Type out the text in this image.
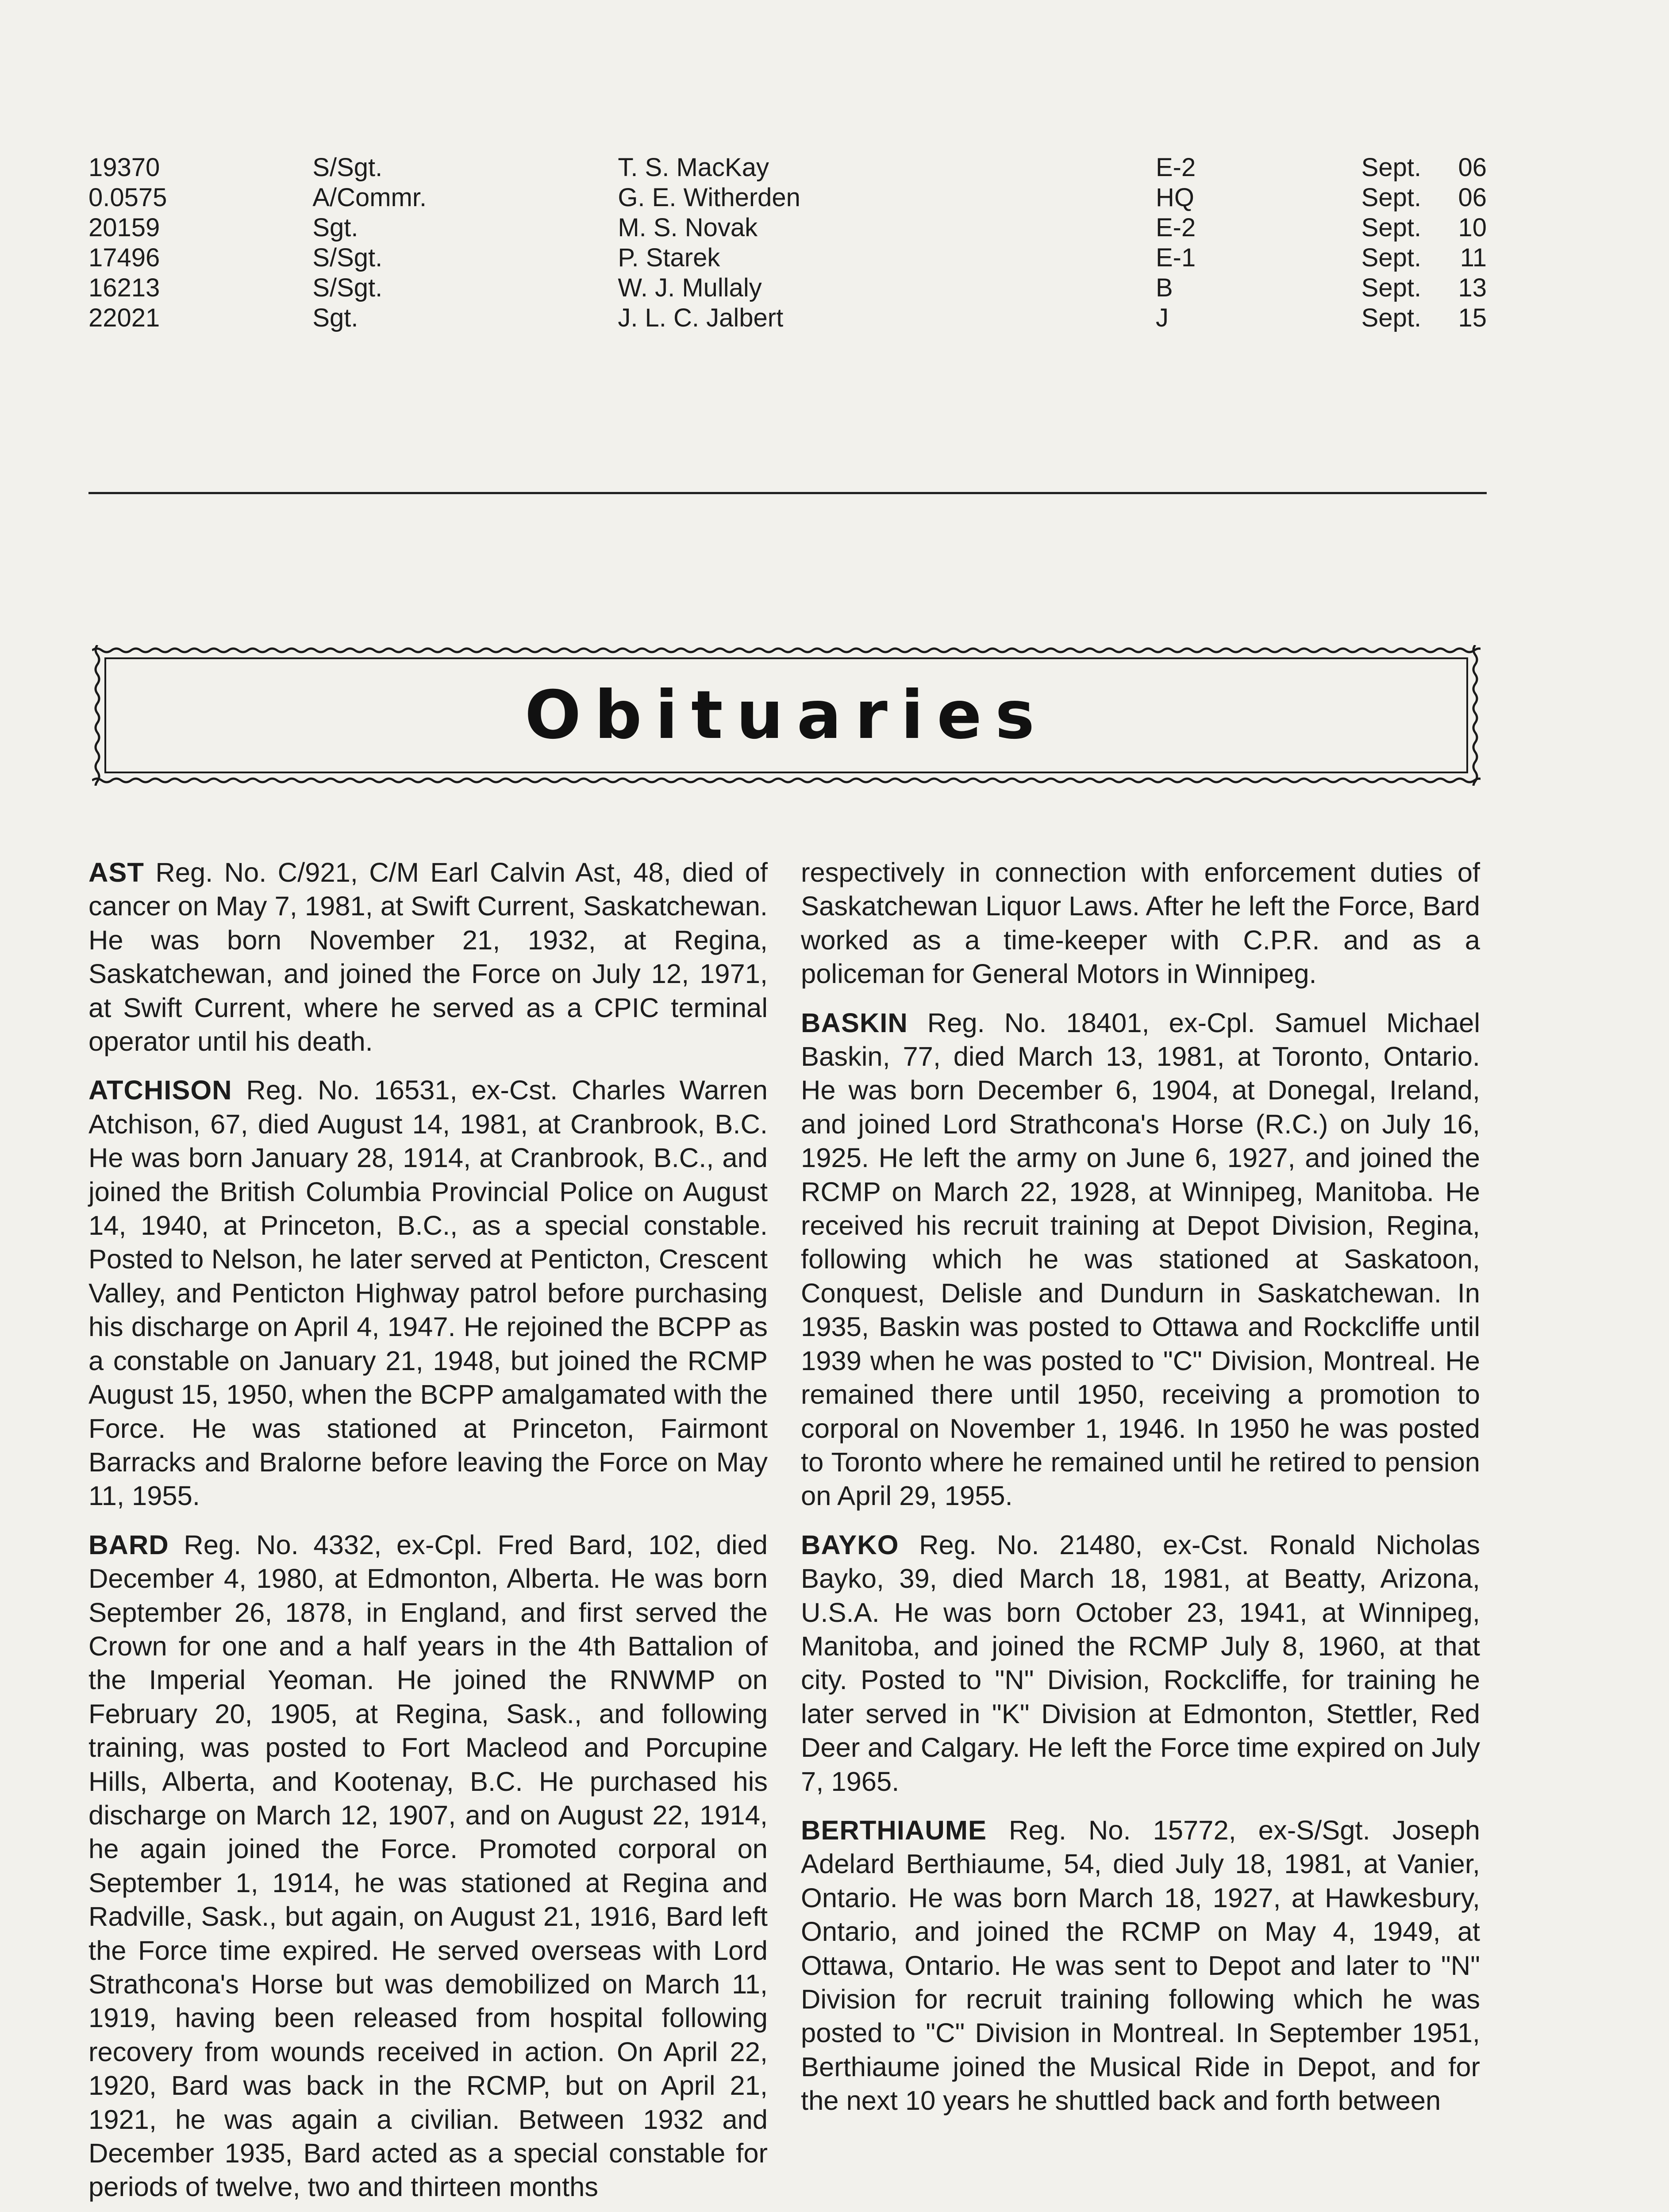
19370	S/Sgt.	T. S. MacKay	E-2	Sept.	06
0.0575	A/Commr.	G. E. Witherden	HQ	Sept.	06
20159	Sgt.	M. S. Novak	E-2	Sept.	10
17496	S/Sgt.	P. Starek	E-1	Sept.	11
16213	S/Sgt.	W. J. Mullaly	B	Sept.	13
22021	Sgt.	J. L. C. Jalbert	J	Sept.	15
Obituaries

AST Reg. No. C/921, C/M Earl Calvin Ast, 48, died of cancer on May 7, 1981, at Swift Current, Saskatchewan. He was born November 21, 1932, at Regina, Saskatchewan, and joined the Force on July 12, 1971, at Swift Current, where he served as a CPIC terminal operator until his death.

ATCHISON Reg. No. 16531, ex-Cst. Charles Warren Atchison, 67, died August 14, 1981, at Cranbrook, B.C. He was born January 28, 1914, at Cranbrook, B.C., and joined the British Columbia Provincial Police on August 14, 1940, at Princeton, B.C., as a special constable. Posted to Nelson, he later served at Penticton, Crescent Valley, and Penticton Highway patrol before purchasing his discharge on April 4, 1947. He rejoined the BCPP as a constable on January 21, 1948, but joined the RCMP August 15, 1950, when the BCPP amalgamated with the Force. He was stationed at Princeton, Fairmont Barracks and Bralorne before leaving the Force on May 11, 1955.

BARD Reg. No. 4332, ex-Cpl. Fred Bard, 102, died December 4, 1980, at Edmonton, Alberta. He was born September 26, 1878, in England, and first served the Crown for one and a half years in the 4th Battalion of the Imperial Yeoman. He joined the RNWMP on February 20, 1905, at Regina, Sask., and following training, was posted to Fort Macleod and Porcupine Hills, Alberta, and Kootenay, B.C. He purchased his discharge on March 12, 1907, and on August 22, 1914, he again joined the Force. Promoted corporal on September 1, 1914, he was stationed at Regina and Radville, Sask., but again, on August 21, 1916, Bard left the Force time expired. He served overseas with Lord Strathcona's Horse but was demobilized on March 11, 1919, having been released from hospital following recovery from wounds received in action. On April 22, 1920, Bard was back in the RCMP, but on April 21, 1921, he was again a civilian. Between 1932 and December 1935, Bard acted as a special constable for periods of twelve, two and thirteen months

respectively in connection with enforcement duties of Saskatchewan Liquor Laws. After he left the Force, Bard worked as a time-keeper with C.P.R. and as a policeman for General Motors in Winnipeg.

BASKIN Reg. No. 18401, ex-Cpl. Samuel Michael Baskin, 77, died March 13, 1981, at Toronto, Ontario. He was born December 6, 1904, at Donegal, Ireland, and joined Lord Strathcona's Horse (R.C.) on July 16, 1925. He left the army on June 6, 1927, and joined the RCMP on March 22, 1928, at Winnipeg, Manitoba. He received his recruit training at Depot Division, Regina, following which he was stationed at Saskatoon, Conquest, Delisle and Dundurn in Saskatchewan. In 1935, Baskin was posted to Ottawa and Rockcliffe until 1939 when he was posted to "C" Division, Montreal. He remained there until 1950, receiving a promotion to corporal on November 1, 1946. In 1950 he was posted to Toronto where he remained until he retired to pension on April 29, 1955.

BAYKO Reg. No. 21480, ex-Cst. Ronald Nicholas Bayko, 39, died March 18, 1981, at Beatty, Arizona, U.S.A. He was born October 23, 1941, at Winnipeg, Manitoba, and joined the RCMP July 8, 1960, at that city. Posted to "N" Division, Rockcliffe, for training he later served in "K" Division at Edmonton, Stettler, Red Deer and Calgary. He left the Force time expired on July 7, 1965.

BERTHIAUME Reg. No. 15772, ex-S/Sgt. Joseph Adelard Berthiaume, 54, died July 18, 1981, at Vanier, Ontario. He was born March 18, 1927, at Hawkesbury, Ontario, and joined the RCMP on May 4, 1949, at Ottawa, Ontario. He was sent to Depot and later to "N" Division for recruit training following which he was posted to "C" Division in Montreal. In September 1951, Berthiaume joined the Musical Ride in Depot, and for the next 10 years he shuttled back and forth between
